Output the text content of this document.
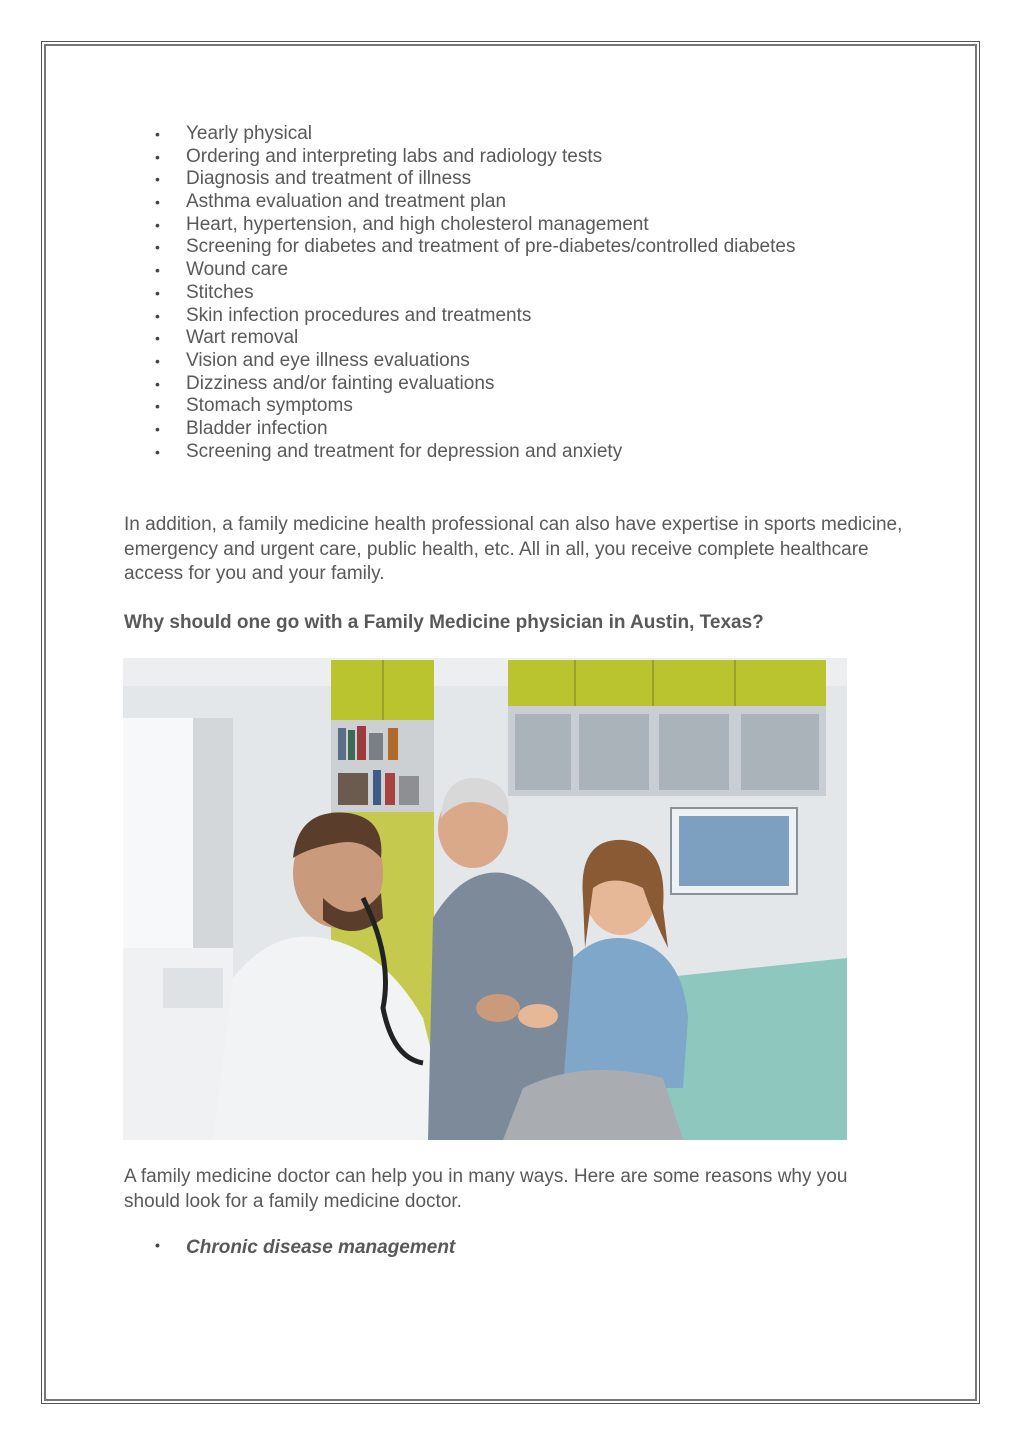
• Yearly physical
• Ordering and interpreting labs and radiology tests
• Diagnosis and treatment of illness
• Asthma evaluation and treatment plan
• Heart, hypertension, and high cholesterol management
• Screening for diabetes and treatment of pre-diabetes/controlled diabetes
• Wound care
• Stitches
• Skin infection procedures and treatments
• Wart removal
• Vision and eye illness evaluations
• Dizziness and/or fainting evaluations
• Stomach symptoms
• Bladder infection
• Screening and treatment for depression and anxiety

In addition, a family medicine health professional can also have expertise in sports medicine, emergency and urgent care, public health, etc. All in all, you receive complete healthcare access for you and your family.

Why should one go with a Family Medicine physician in Austin, Texas?

A family medicine doctor can help you in many ways. Here are some reasons why you should look for a family medicine doctor.

• Chronic disease management
